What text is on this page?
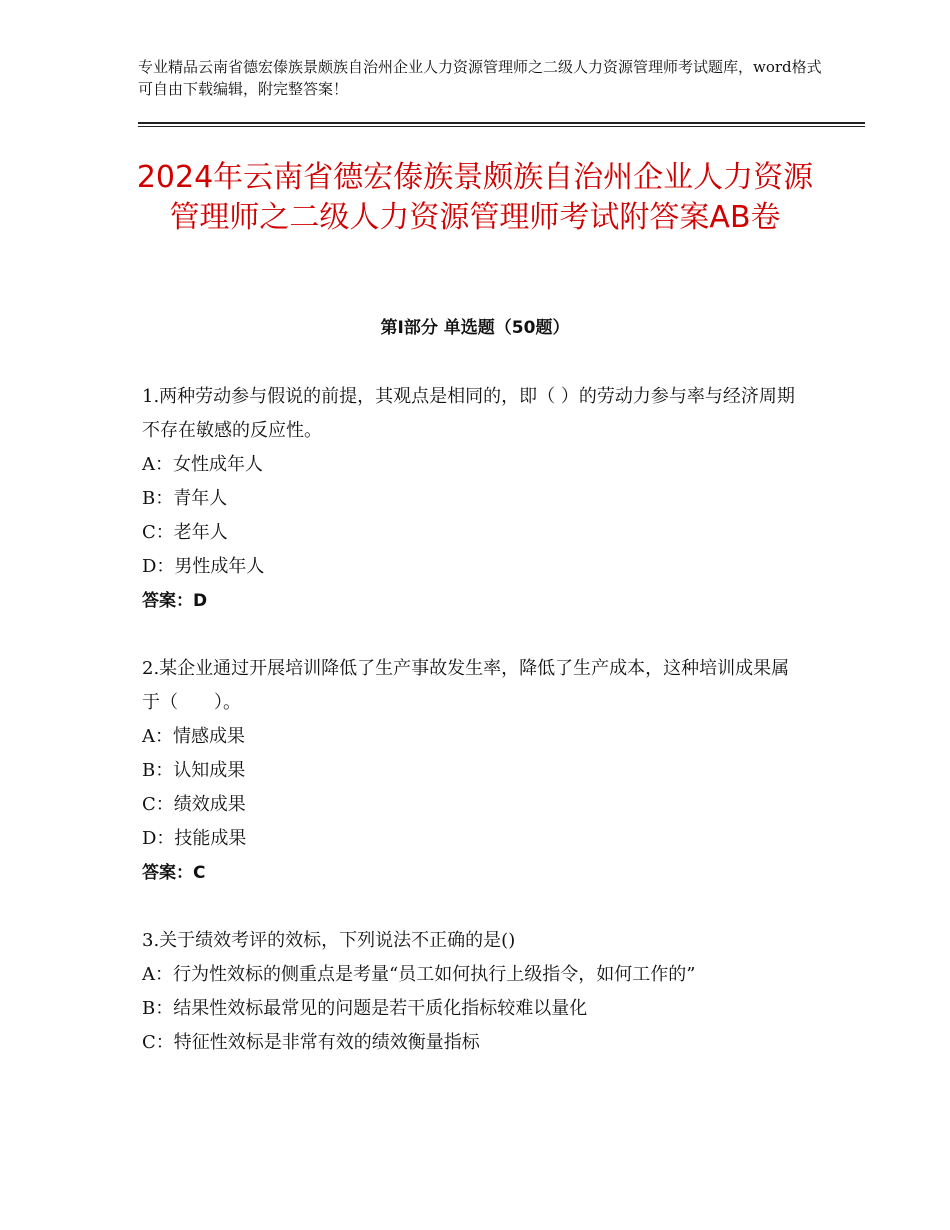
专业精品云南省德宏傣族景颇族自治州企业人力资源管理师之二级人力资源管理师考试题库，word格式可自由下载编辑，附完整答案！
2024年云南省德宏傣族景颇族自治州企业人力资源管理师之二级人力资源管理师考试附答案AB卷
第Ⅰ部分 单选题（50题）

1.两种劳动参与假说的前提，其观点是相同的，即（ ）的劳动力参与率与经济周期不存在敏感的反应性。

A：女性成年人

B：青年人

C：老年人

D：男性成年人

答案：D

2.某企业通过开展培训降低了生产事故发生率，降低了生产成本，这种培训成果属于（　　）。

A：情感成果

B：认知成果

C：绩效成果

D：技能成果

答案：C

3.关于绩效考评的效标，下列说法不正确的是()

A：行为性效标的侧重点是考量“员工如何执行上级指令，如何工作的”

B：结果性效标最常见的问题是若干质化指标较难以量化

C：特征性效标是非常有效的绩效衡量指标
